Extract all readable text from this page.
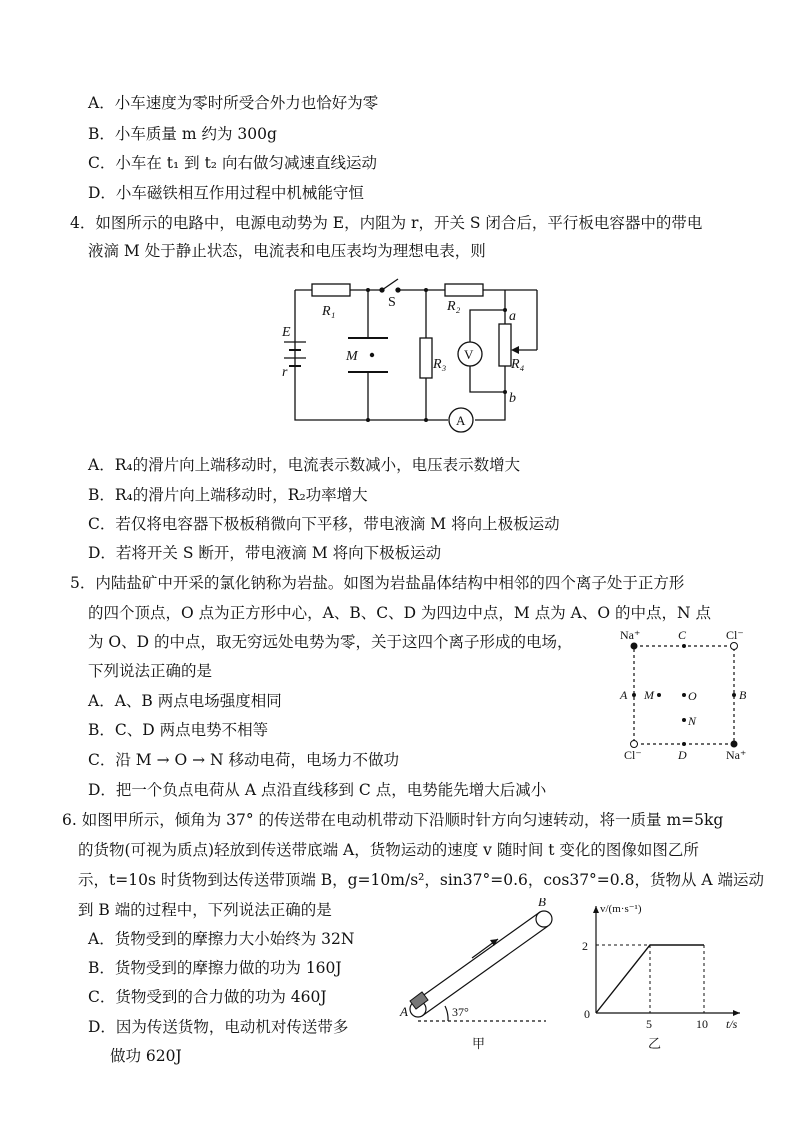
A．小车速度为零时所受合外力也恰好为零
B．小车质量 m 约为 300g
C．小车在 t₁ 到 t₂ 向右做匀减速直线运动
D．小车磁铁相互作用过程中机械能守恒
4．如图所示的电路中，电源电动势为 E，内阻为 r，开关 S 闭合后，平行板电容器中的带电
液滴 M 处于静止状态，电流表和电压表均为理想电表，则
E
r
R₁
S	R₂
M
R₃
V
A
R₄
a
b
A．R₄的滑片向上端移动时，电流表示数减小，电压表示数增大
B．R₄的滑片向上端移动时，R₂功率增大
C．若仅将电容器下极板稍微向下平移，带电液滴 M 将向上极板运动
D．若将开关 S 断开，带电液滴 M 将向下极板运动
5．内陆盐矿中开采的氯化钠称为岩盐。如图为岩盐晶体结构中相邻的四个离子处于正方形
的四个顶点，O 点为正方形中心，A、B、C、D 为四边中点，M 点为 A、O 的中点，N 点
为 O、D 的中点，取无穷远处电势为零，关于这四个离子形成的电场，
下列说法正确的是
Na⁺	Cl⁻
C
A	B
M	O
N
Cl⁻	D	Na⁺
A．A、B 两点电场强度相同
B．C、D 两点电势不相等
C．沿 M → O → N 移动电荷，电场力不做功
D．把一个负点电荷从 A 点沿直线移到 C 点，电势能先增大后减小
6. 如图甲所示，倾角为 37° 的传送带在电动机带动下沿顺时针方向匀速转动，将一质量 m=5kg
的货物(可视为质点)轻放到传送带底端 A，货物运动的速度 v 随时间 t 变化的图像如图乙所
示，t=10s 时货物到达传送带顶端 B，g=10m/s²，sin37°=0.6，cos37°=0.8，货物从 A 端运动
到 B 端的过程中，下列说法正确的是
A．货物受到的摩擦力大小始终为 32N
B．货物受到的摩擦力做的功为 160J
C．货物受到的合力做的功为 460J
D．因为传送货物，电动机对传送带多
做功 620J
A
B
37°
甲
v/(m·s⁻¹)
t/s
2
0
5	10
乙
